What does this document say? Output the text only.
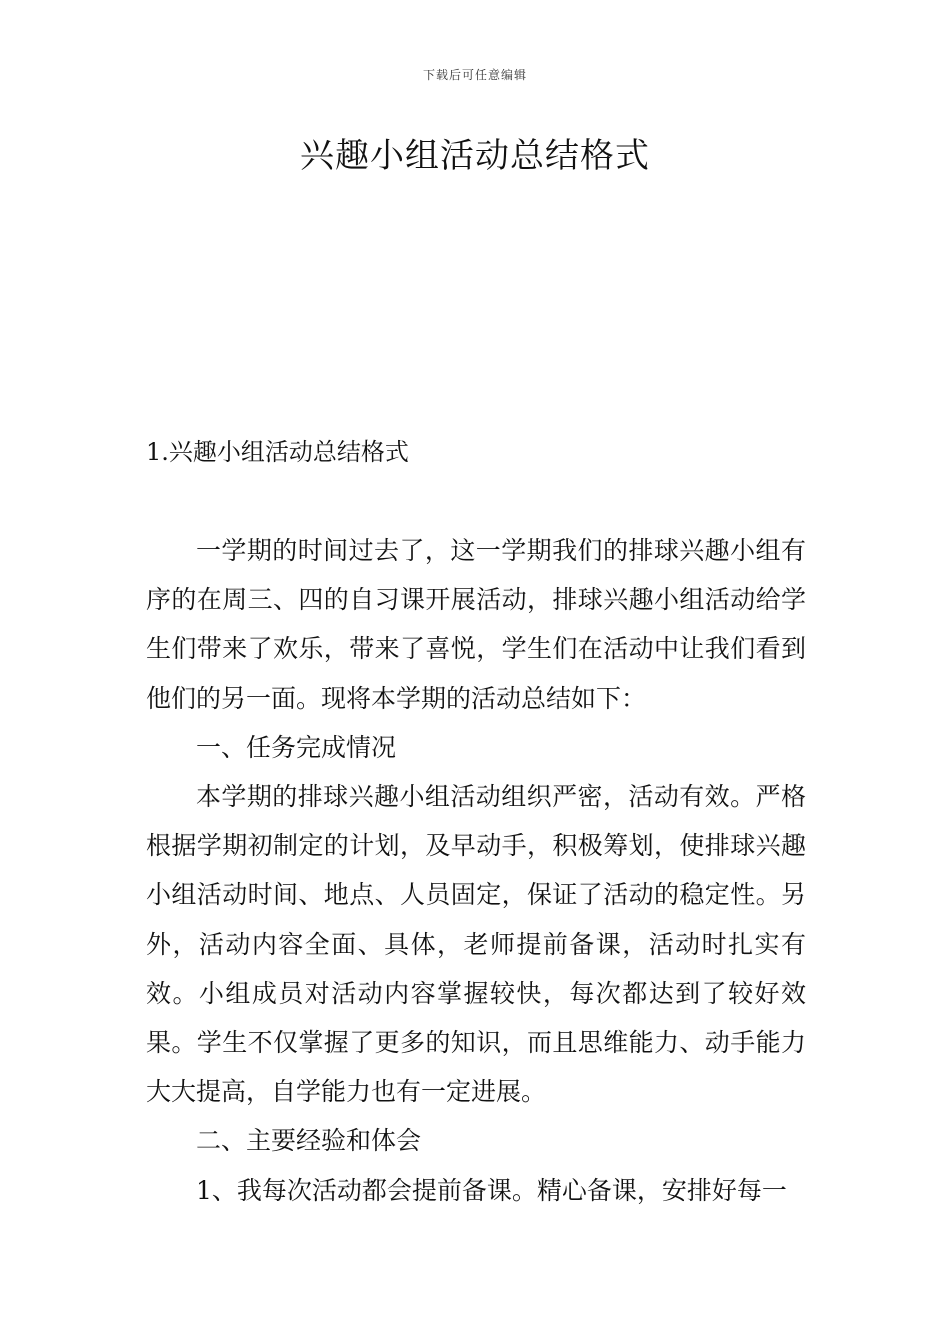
下载后可任意编辑
兴趣小组活动总结格式
1.兴趣小组活动总结格式

一学期的时间过去了，这一学期我们的排球兴趣小组有序的在周三、四的自习课开展活动，排球兴趣小组活动给学生们带来了欢乐，带来了喜悦，学生们在活动中让我们看到他们的另一面。现将本学期的活动总结如下：

一、任务完成情况

本学期的排球兴趣小组活动组织严密，活动有效。严格根据学期初制定的计划，及早动手，积极筹划，使排球兴趣小组活动时间、地点、人员固定，保证了活动的稳定性。另外，活动内容全面、具体，老师提前备课，活动时扎实有效。小组成员对活动内容掌握较快，每次都达到了较好效果。学生不仅掌握了更多的知识，而且思维能力、动手能力大大提高，自学能力也有一定进展。

二、主要经验和体会

1、我每次活动都会提前备课。精心备课，安排好每一
